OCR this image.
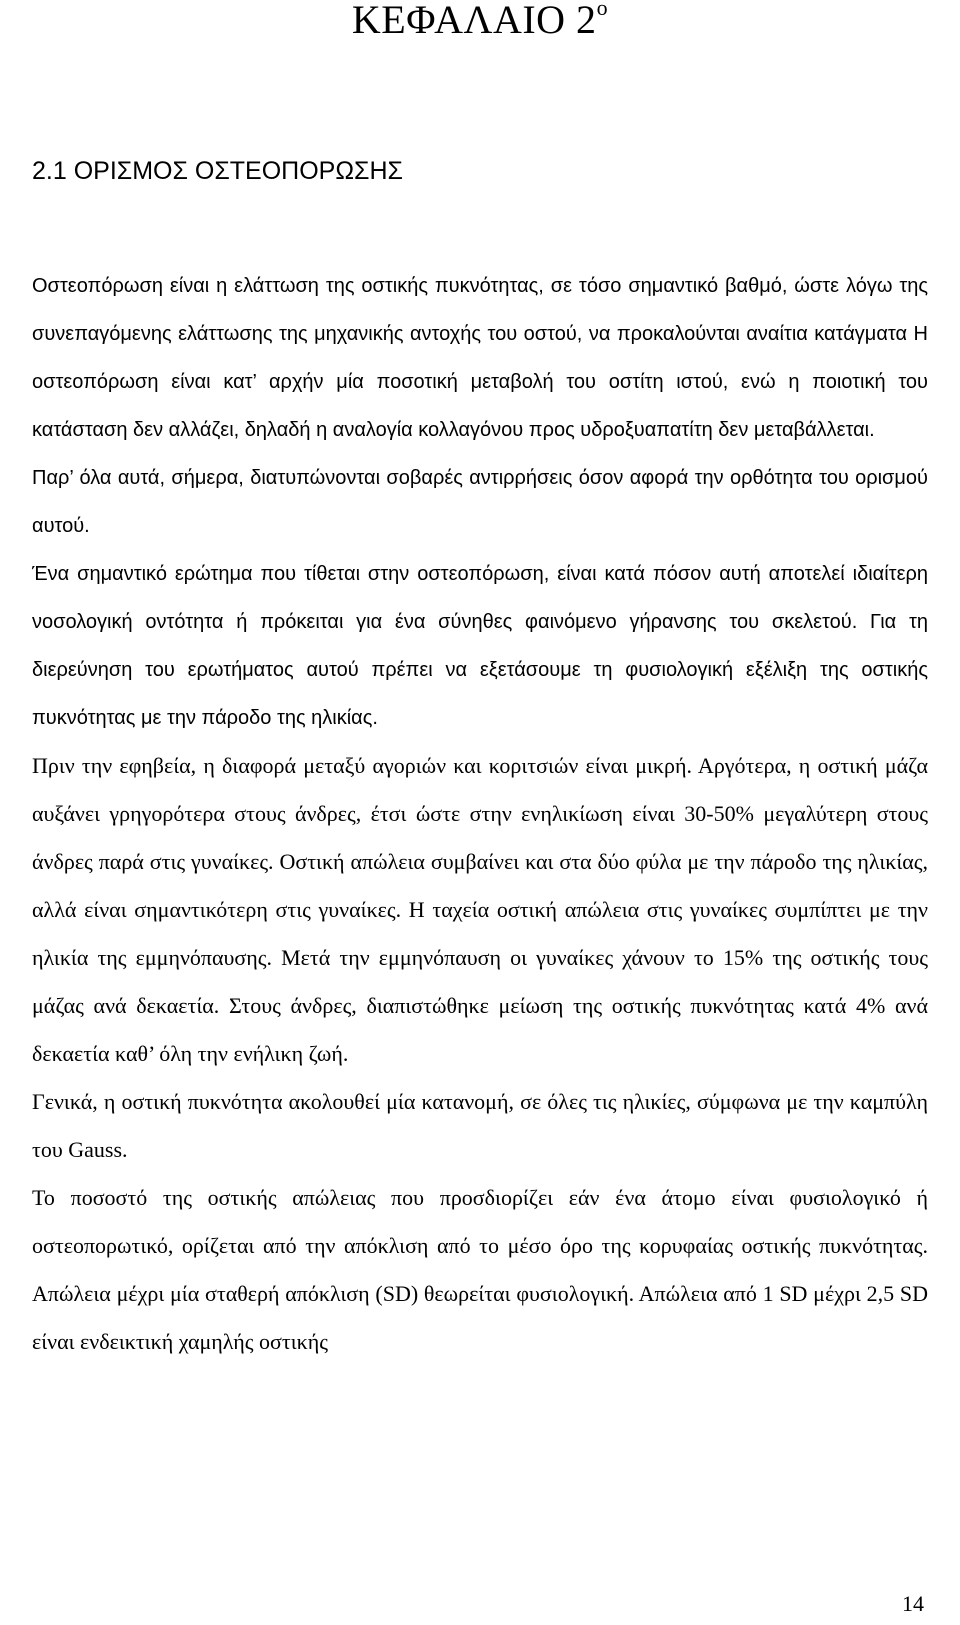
ΚΕΦΑΛΑΙΟ $2^o$
2.1 ΟΡΙΣΜΟΣ ΟΣΤΕΟΠΟΡΩΣΗΣ

Οστεοπόρωση είναι η ελάττωση της οστικής πυκνότητας, σε τόσο σημαντικό βαθμό, ώστε λόγω της συνεπαγόμενης ελάττωσης της μηχανικής αντοχής του οστού, να προκαλούνται αναίτια κατάγματα Η οστεοπόρωση είναι κατ’ αρχήν μία ποσοτική μεταβολή του οστίτη ιστού, ενώ η ποιοτική του κατάσταση δεν αλλάζει, δηλαδή η αναλογία κολλαγόνου προς υδροξυαπατίτη δεν μεταβάλλεται.

Παρ’ όλα αυτά, σήμερα, διατυπώνονται σοβαρές αντιρρήσεις όσον αφορά την ορθότητα του ορισμού αυτού.

Ένα σημαντικό ερώτημα που τίθεται στην οστεοπόρωση, είναι κατά πόσον αυτή αποτελεί ιδιαίτερη νοσολογική οντότητα ή πρόκειται για ένα σύνηθες φαινόμενο γήρανσης του σκελετού. Για τη διερεύνηση του ερωτήματος αυτού πρέπει να εξετάσουμε τη φυσιολογική εξέλιξη της οστικής πυκνότητας με την πάροδο της ηλικίας.

Πριν την εφηβεία, η διαφορά μεταξύ αγοριών και κοριτσιών είναι μικρή. Αργότερα, η οστική μάζα αυξάνει γρηγορότερα στους άνδρες, έτσι ώστε στην ενηλικίωση είναι 30-50% μεγαλύτερη στους άνδρες παρά στις γυναίκες. Οστική απώλεια συμβαίνει και στα δύο φύλα με την πάροδο της ηλικίας, αλλά είναι σημαντικότερη στις γυναίκες. Η ταχεία οστική απώλεια στις γυναίκες συμπίπτει με την ηλικία της εμμηνόπαυσης. Μετά την εμμηνόπαυση οι γυναίκες χάνουν το 15% της οστικής τους μάζας ανά δεκαετία. Στους άνδρες, διαπιστώθηκε μείωση της οστικής πυκνότητας κατά 4% ανά δεκαετία καθ’ όλη την ενήλικη ζωή.

Γενικά, η οστική πυκνότητα ακολουθεί μία κατανομή, σε όλες τις ηλικίες, σύμφωνα με την καμπύλη του Gauss.

Το ποσοστό της οστικής απώλειας που προσδιορίζει εάν ένα άτομο είναι φυσιολογικό ή οστεοπορωτικό, ορίζεται από την απόκλιση από το μέσο όρο της κορυφαίας οστικής πυκνότητας. Απώλεια μέχρι μία σταθερή απόκλιση (SD) θεωρείται φυσιολογική. Απώλεια από 1 SD μέχρι 2,5 SD είναι ενδεικτική χαμηλής οστικής

14
